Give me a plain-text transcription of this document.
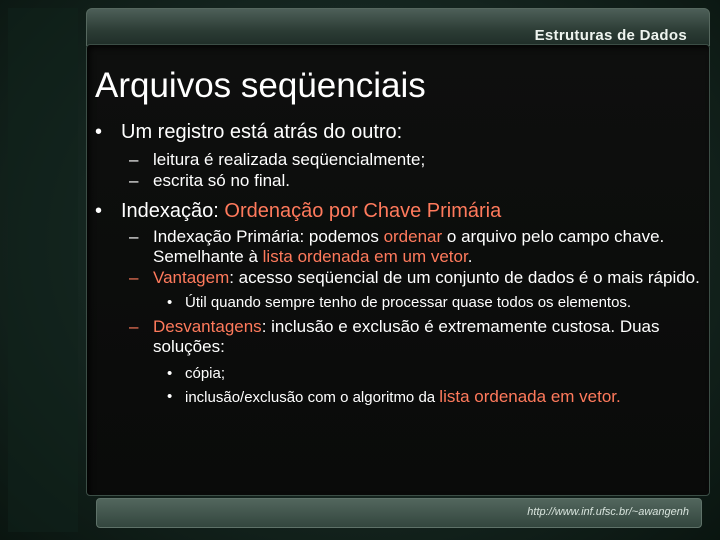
Estruturas de Dados
Arquivos seqüenciais
• Um registro está atrás do outro:
– leitura é realizada seqüencialmente;
– escrita só no final.
• Indexação: Ordenação por Chave Primária
– Indexação Primária: podemos ordenar o arquivo pelo campo chave. Semelhante à lista ordenada em um vetor.
– Vantagem: acesso seqüencial de um conjunto de dados é o mais rápido.
• Útil quando sempre tenho de processar quase todos os elementos.
– Desvantagens: inclusão e exclusão é extremamente custosa. Duas soluções:
• cópia;
• inclusão/exclusão com o algoritmo da lista ordenada em vetor.
http://www.inf.ufsc.br/~awangenh
